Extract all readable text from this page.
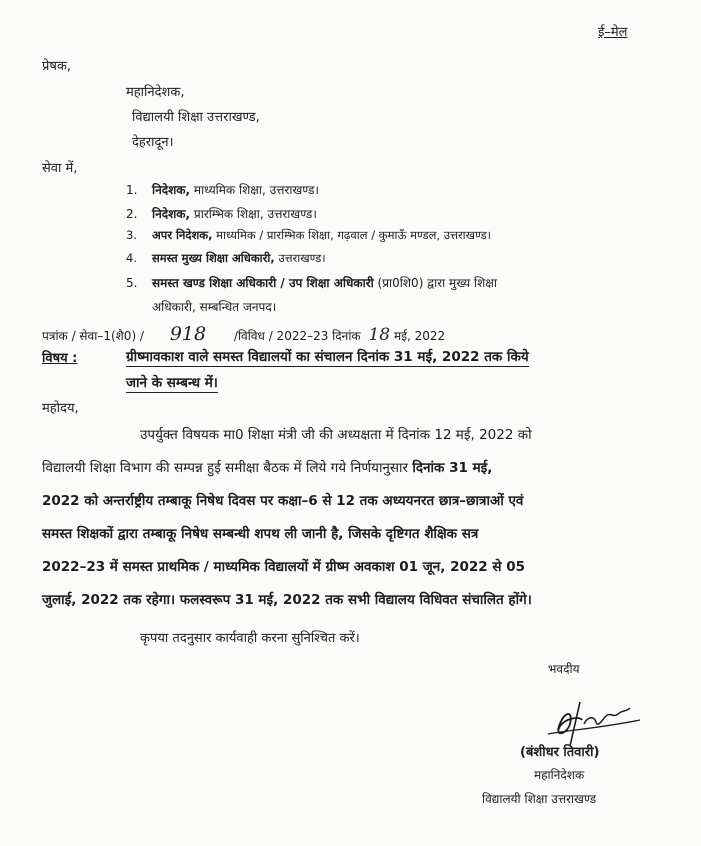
ई–मेल
प्रेषक,
महानिदेशक,
विद्यालयी शिक्षा उत्तराखण्ड,
देहरादून।
सेवा में,
1. निदेशक, माध्यमिक शिक्षा, उत्तराखण्ड।
2. निदेशक, प्रारम्भिक शिक्षा, उत्तराखण्ड।
3. अपर निदेशक, माध्यमिक / प्रारम्भिक शिक्षा, गढ़वाल / कुमाऊँ मण्डल, उत्तराखण्ड।
4. समस्त मुख्य शिक्षा अधिकारी, उत्तराखण्ड।
5. समस्त खण्ड शिक्षा अधिकारी / उप शिक्षा अधिकारी (प्रा0शि0) द्वारा मुख्य शिक्षा
अधिकारी, सम्बन्धित जनपद।
पत्रांक / सेवा–1(शै0) / 918 /विविध / 2022–23 दिनांक 18 मई, 2022
विषय :	ग्रीष्मावकाश वाले समस्त विद्यालयों का संचालन दिनांक 31 मई, 2022 तक किये
जाने के सम्बन्ध में।
महोदय,
उपर्युक्त विषयक मा0 शिक्षा मंत्री जी की अध्यक्षता में दिनांक 12 मई, 2022 को
विद्यालयी शिक्षा विभाग की सम्पन्न हुई समीक्षा बैठक में लिये गये निर्णयानुसार दिनांक 31 मई,
2022 को अन्तर्राष्ट्रीय तम्बाकू निषेध दिवस पर कक्षा–6 से 12 तक अध्ययनरत छात्र–छात्राओं एवं
समस्त शिक्षकों द्वारा तम्बाकू निषेध सम्बन्धी शपथ ली जानी है, जिसके दृष्टिगत शैक्षिक सत्र
2022–23 में समस्त प्राथमिक / माध्यमिक विद्यालयों में ग्रीष्म अवकाश 01 जून, 2022 से 05
जुलाई, 2022 तक रहेगा। फलस्वरूप 31 मई, 2022 तक सभी विद्यालय विधिवत संचालित होंगे।
कृपया तदनुसार कार्यवाही करना सुनिश्चित करें।
भवदीय
(बंशीधर तिवारी)
महानिदेशक
विद्यालयी शिक्षा उत्तराखण्ड
